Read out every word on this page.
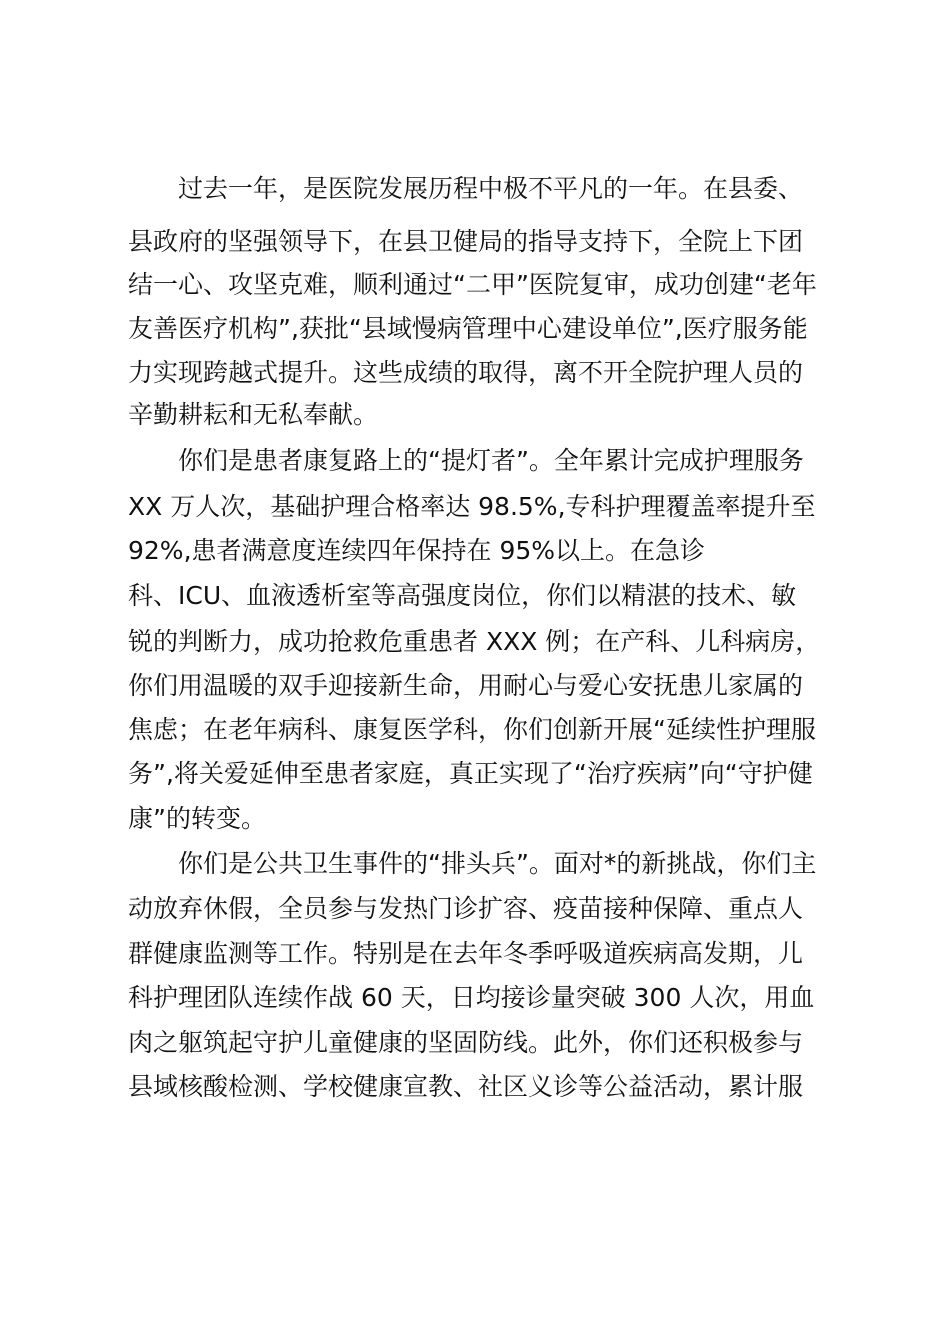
　　过去一年，是医院发展历程中极不平凡的一年。在县委、

县政府的坚强领导下，在县卫健局的指导支持下，全院上下团

结一心、攻坚克难，顺利通过“二甲”医院复审，成功创建“老年

友善医疗机构”,获批“县域慢病管理中心建设单位”,医疗服务能

力实现跨越式提升。这些成绩的取得，离不开全院护理人员的

辛勤耕耘和无私奉献。

　　你们是患者康复路上的“提灯者”。全年累计完成护理服务

XX 万人次，基础护理合格率达 98.5%,专科护理覆盖率提升至

92%,患者满意度连续四年保持在 95%以上。在急诊

科、ICU、血液透析室等高强度岗位，你们以精湛的技术、敏

锐的判断力，成功抢救危重患者 XXX 例；在产科、儿科病房，

你们用温暖的双手迎接新生命，用耐心与爱心安抚患儿家属的

焦虑；在老年病科、康复医学科，你们创新开展“延续性护理服

务”,将关爱延伸至患者家庭，真正实现了“治疗疾病”向“守护健

康”的转变。

　　你们是公共卫生事件的“排头兵”。面对*的新挑战，你们主

动放弃休假，全员参与发热门诊扩容、疫苗接种保障、重点人

群健康监测等工作。特别是在去年冬季呼吸道疾病高发期，儿

科护理团队连续作战 60 天，日均接诊量突破 300 人次，用血

肉之躯筑起守护儿童健康的坚固防线。此外，你们还积极参与

县域核酸检测、学校健康宣教、社区义诊等公益活动，累计服
